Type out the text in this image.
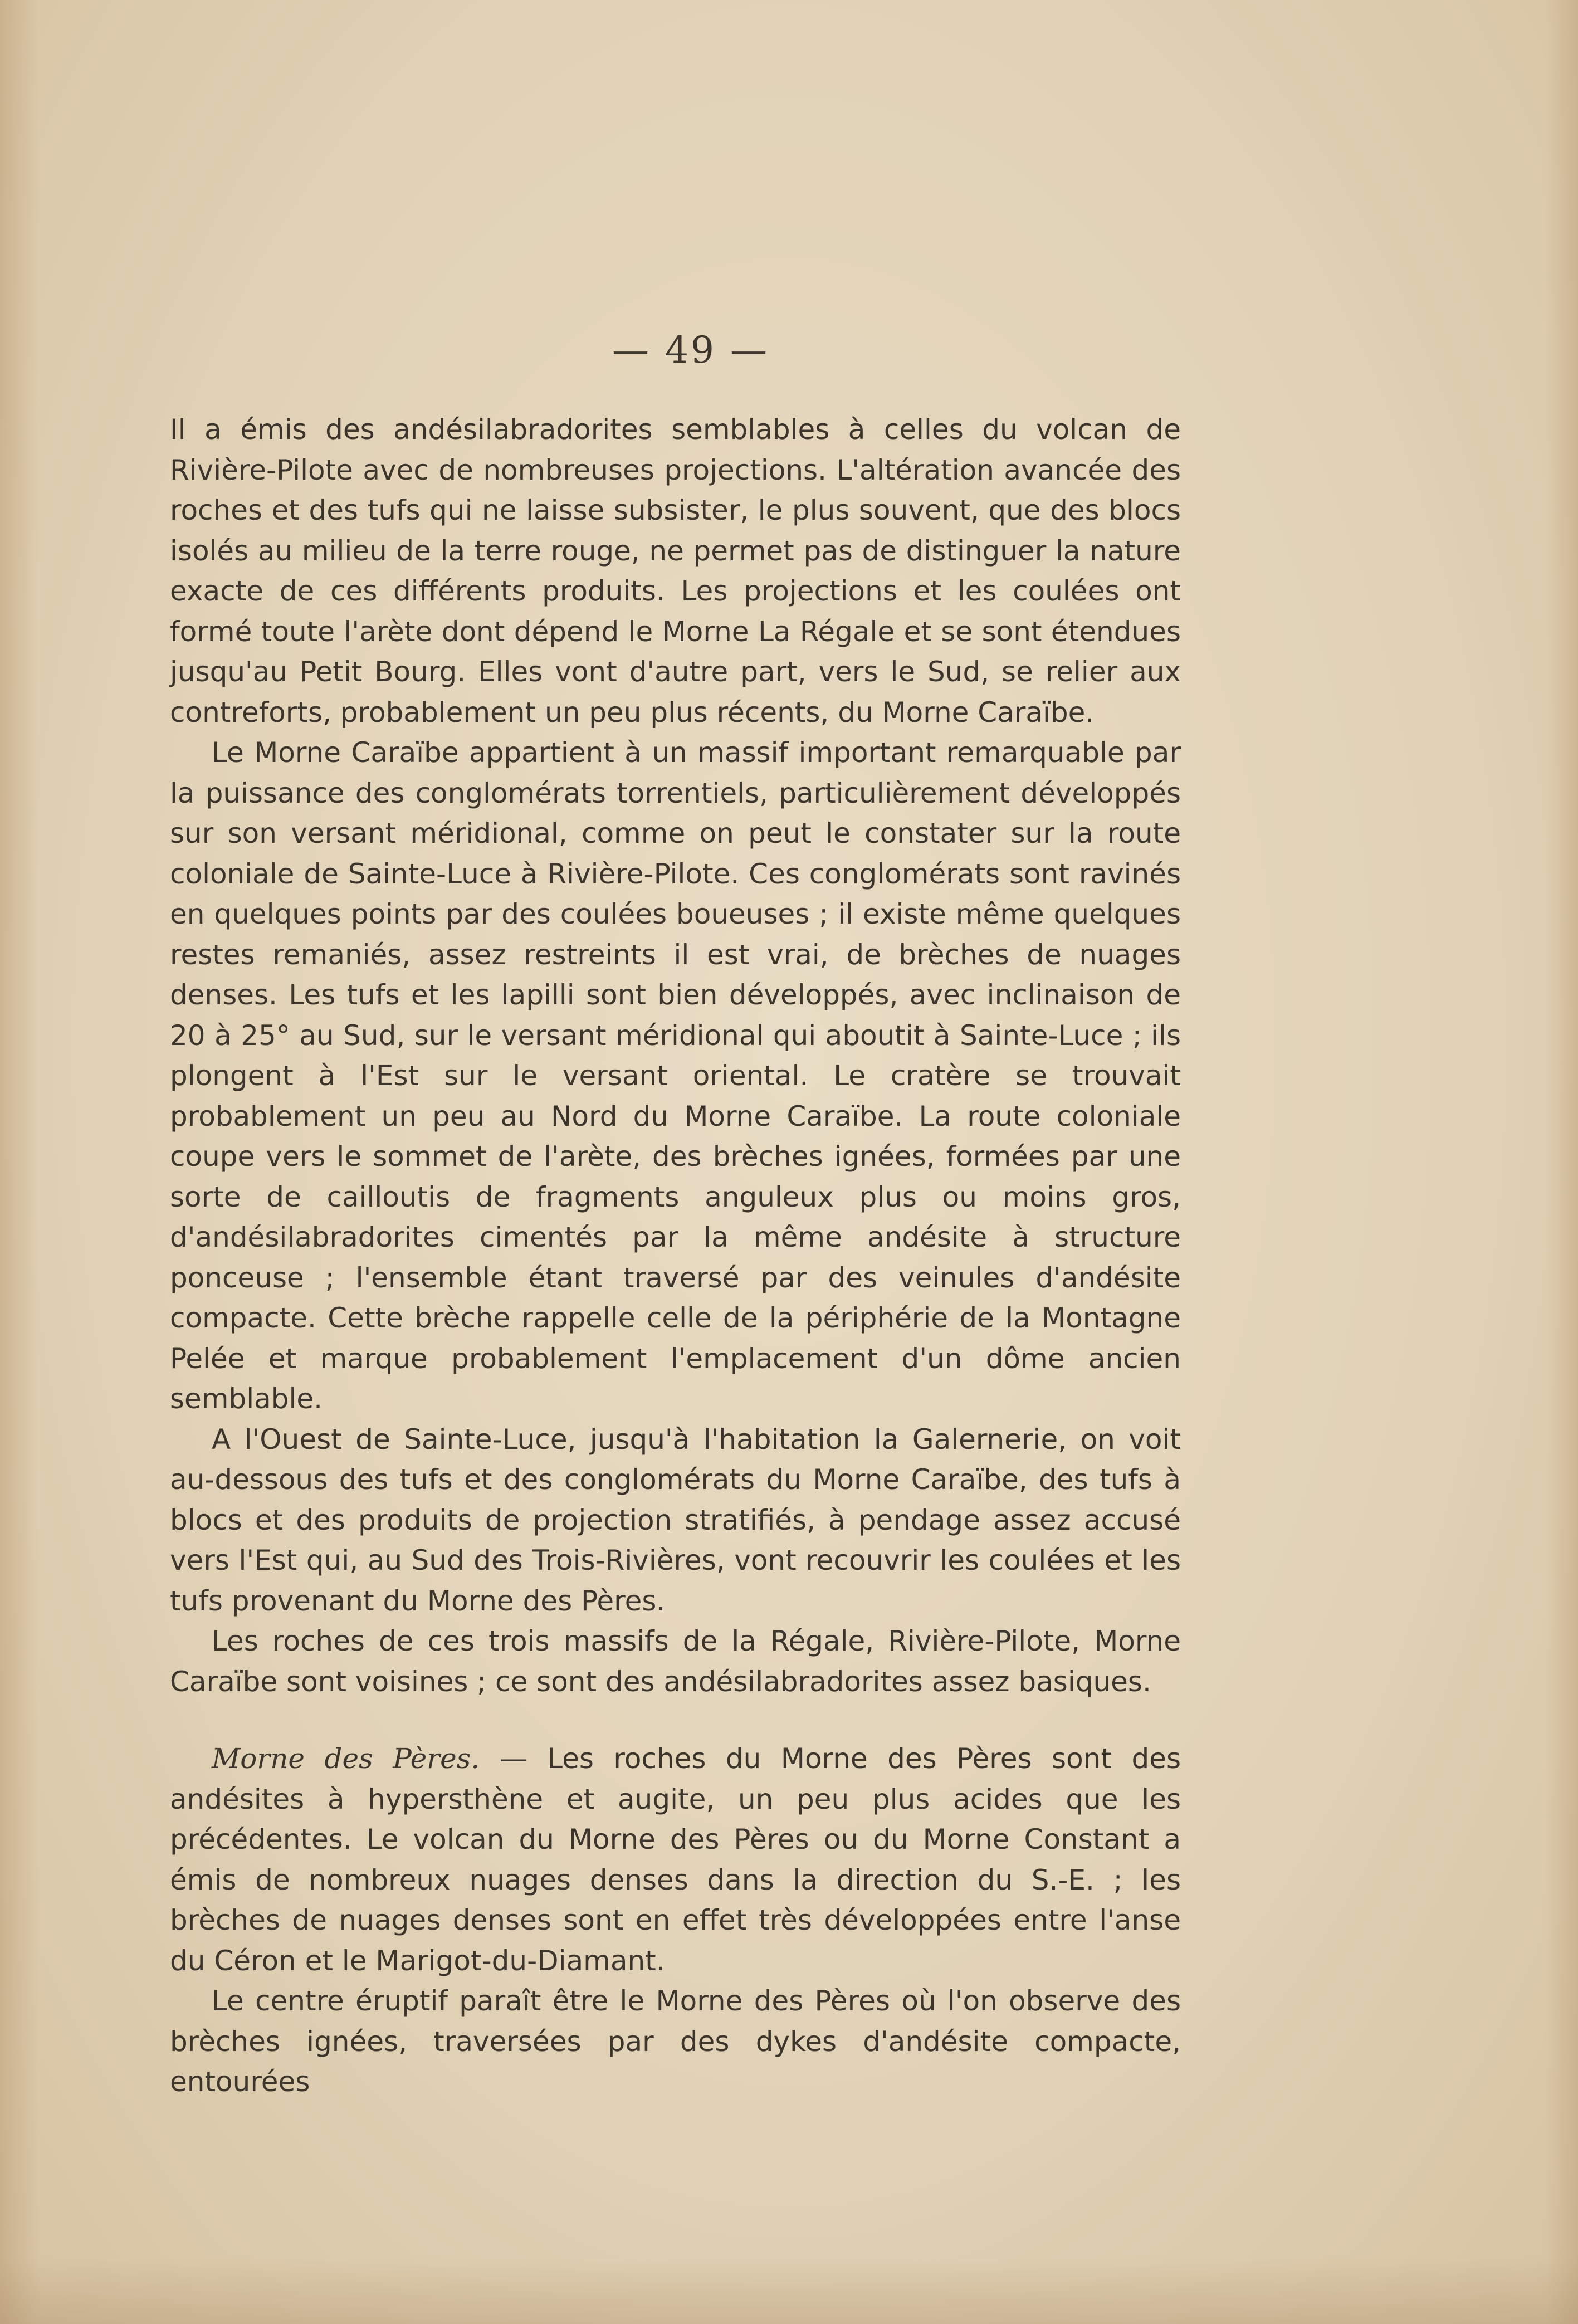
— 49 —

Il a émis des andésilabradorites semblables à celles du volcan de Rivière-Pilote avec de nombreuses projections. L'altération avancée des roches et des tufs qui ne laisse subsister, le plus souvent, que des blocs isolés au milieu de la terre rouge, ne permet pas de distinguer la nature exacte de ces différents produits. Les projections et les coulées ont formé toute l'arète dont dépend le Morne La Régale et se sont étendues jusqu'au Petit Bourg. Elles vont d'autre part, vers le Sud, se relier aux contreforts, probablement un peu plus récents, du Morne Caraïbe.

Le Morne Caraïbe appartient à un massif important remarquable par la puissance des conglomérats torrentiels, particulièrement développés sur son versant méridional, comme on peut le constater sur la route coloniale de Sainte-Luce à Rivière-Pilote. Ces conglomérats sont ravinés en quelques points par des coulées boueuses ; il existe même quelques restes remaniés, assez restreints il est vrai, de brèches de nuages denses. Les tufs et les lapilli sont bien développés, avec inclinaison de 20 à 25° au Sud, sur le versant méridional qui aboutit à Sainte-Luce ; ils plongent à l'Est sur le versant oriental. Le cratère se trouvait probablement un peu au Nord du Morne Caraïbe. La route coloniale coupe vers le sommet de l'arète, des brèches ignées, formées par une sorte de cailloutis de fragments anguleux plus ou moins gros, d'andésilabradorites cimentés par la même andésite à structure ponceuse ; l'ensemble étant traversé par des veinules d'andésite compacte. Cette brèche rappelle celle de la périphérie de la Montagne Pelée et marque probablement l'emplacement d'un dôme ancien semblable.

A l'Ouest de Sainte-Luce, jusqu'à l'habitation la Galernerie, on voit au-dessous des tufs et des conglomérats du Morne Caraïbe, des tufs à blocs et des produits de projection stratifiés, à pendage assez accusé vers l'Est qui, au Sud des Trois-Rivières, vont recouvrir les coulées et les tufs provenant du Morne des Pères.

Les roches de ces trois massifs de la Régale, Rivière-Pilote, Morne Caraïbe sont voisines ; ce sont des andésilabradorites assez basiques.

Morne des Pères. — Les roches du Morne des Pères sont des andésites à hypersthène et augite, un peu plus acides que les précédentes. Le volcan du Morne des Pères ou du Morne Constant a émis de nombreux nuages denses dans la direction du S.-E. ; les brèches de nuages denses sont en effet très développées entre l'anse du Céron et le Marigot-du-Diamant.

Le centre éruptif paraît être le Morne des Pères où l'on observe des brèches ignées, traversées par des dykes d'andésite compacte, entourées
